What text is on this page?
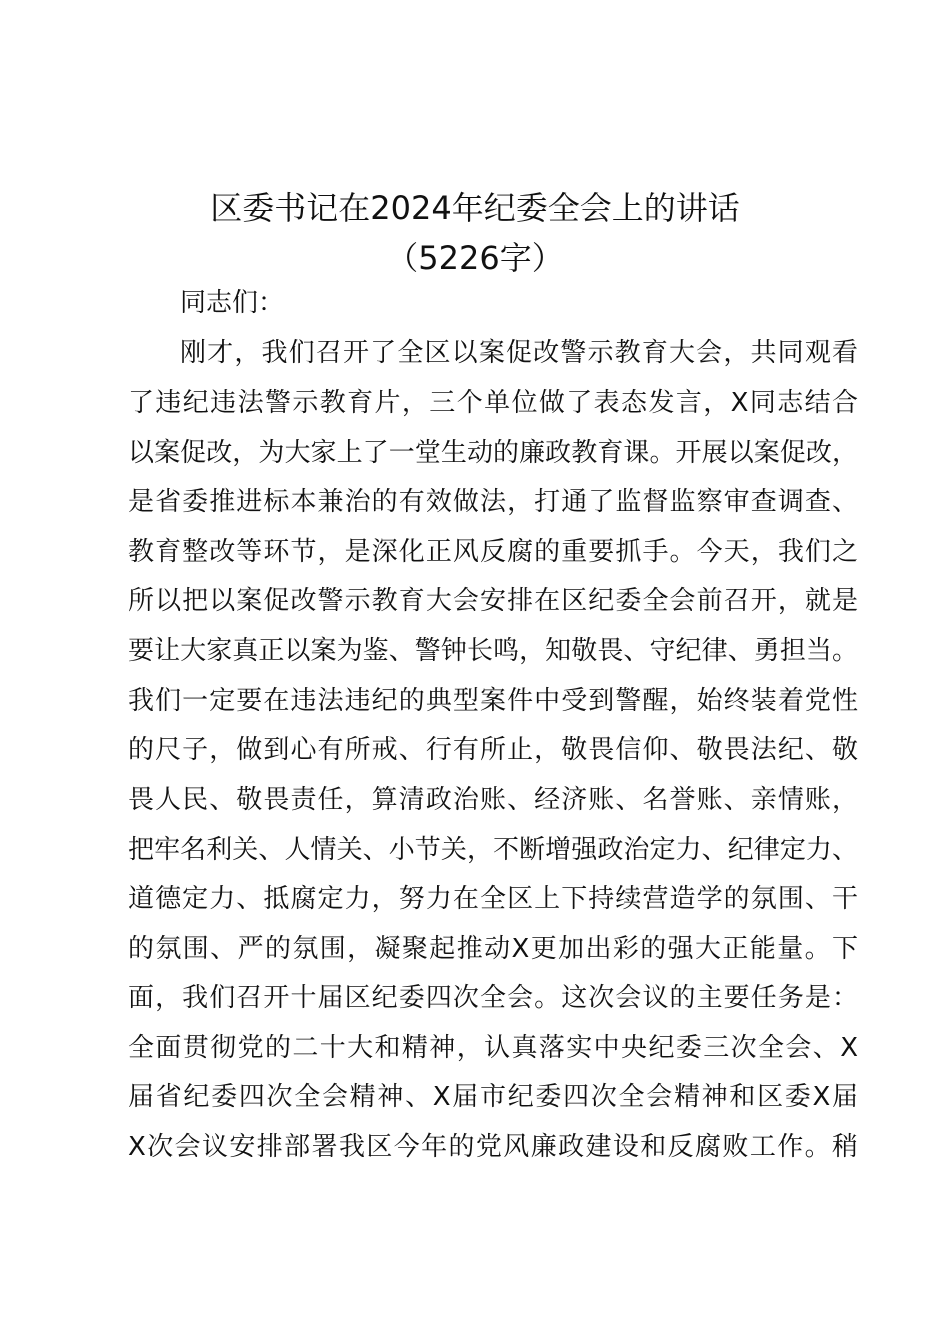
区委书记在2024年纪委全会上的讲话
（5226字）
同志们：
刚才，我们召开了全区以案促改警示教育大会，共同观看
了违纪违法警示教育片，三个单位做了表态发言，X同志结合
以案促改，为大家上了一堂生动的廉政教育课。开展以案促改，
是省委推进标本兼治的有效做法，打通了监督监察审查调查、
教育整改等环节，是深化正风反腐的重要抓手。今天，我们之
所以把以案促改警示教育大会安排在区纪委全会前召开，就是
要让大家真正以案为鉴、警钟长鸣，知敬畏、守纪律、勇担当。
我们一定要在违法违纪的典型案件中受到警醒，始终装着党性
的尺子，做到心有所戒、行有所止，敬畏信仰、敬畏法纪、敬
畏人民、敬畏责任，算清政治账、经济账、名誉账、亲情账，
把牢名利关、人情关、小节关，不断增强政治定力、纪律定力、
道德定力、抵腐定力，努力在全区上下持续营造学的氛围、干
的氛围、严的氛围，凝聚起推动X更加出彩的强大正能量。下
面，我们召开十届区纪委四次全会。这次会议的主要任务是：
全面贯彻党的二十大和精神，认真落实中央纪委三次全会、X
届省纪委四次全会精神、X届市纪委四次全会精神和区委X届
X次会议安排部署我区今年的党风廉政建设和反腐败工作。稍
